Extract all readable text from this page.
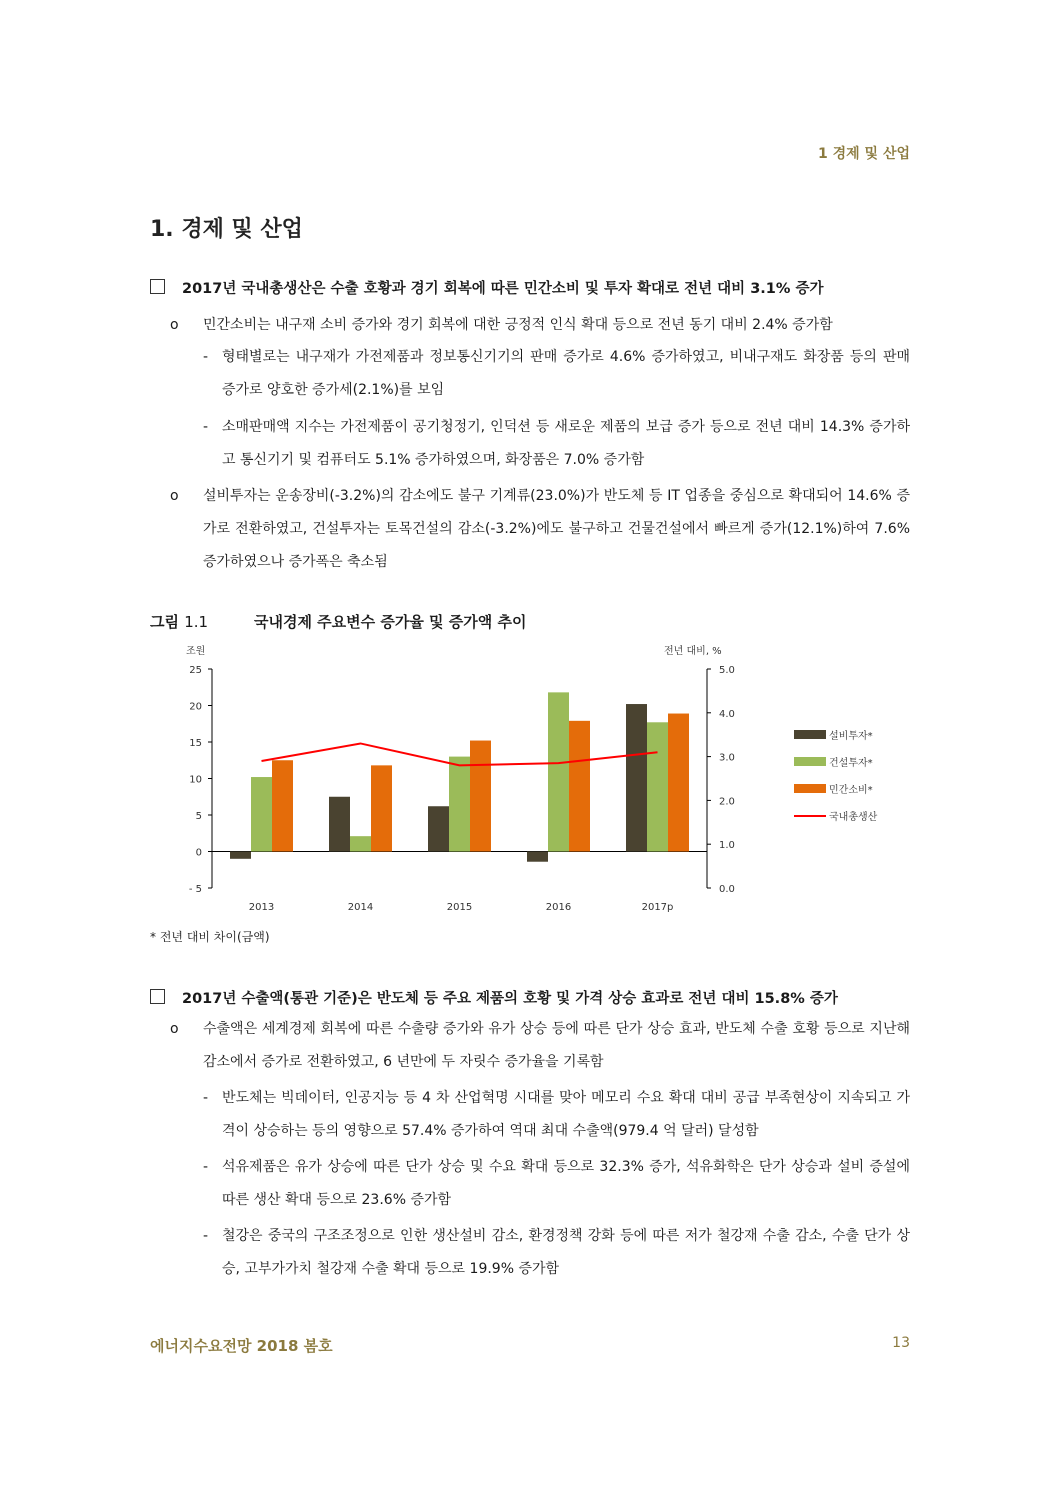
1 경제 및 산업
1. 경제 및 산업
2017년 국내총생산은 수출 호황과 경기 회복에 따른 민간소비 및 투자 확대로 전년 대비 3.1% 증가
o 민간소비는 내구재 소비 증가와 경기 회복에 대한 긍정적 인식 확대 등으로 전년 동기 대비 2.4% 증가함
- 형태별로는 내구재가 가전제품과 정보통신기기의 판매 증가로 4.6% 증가하였고, 비내구재도 화장품 등의 판매 증가로 양호한 증가세(2.1%)를 보임
- 소매판매액 지수는 가전제품이 공기청정기, 인덕션 등 새로운 제품의 보급 증가 등으로 전년 대비 14.3% 증가하고 통신기기 및 컴퓨터도 5.1% 증가하였으며, 화장품은 7.0% 증가함
o 설비투자는 운송장비(-3.2%)의 감소에도 불구 기계류(23.0%)가 반도체 등 IT 업종을 중심으로 확대되어 14.6% 증가로 전환하였고, 건설투자는 토목건설의 감소(-3.2%)에도 불구하고 건물건설에서 빠르게 증가(12.1%)하여 7.6% 증가하였으나 증가폭은 축소됨
그림 1.1	국내경제 주요변수 증가율 및 증가액 추이
조원	전년 대비, %
25
20
15
10
5
0
- 5
5.0
4.0
3.0
2.0
1.0
0.0
2013	2014	2015	2016	2017p
설비투자*
건설투자*
민간소비*
국내총생산
* 전년 대비 차이(금액)
2017년 수출액(통관 기준)은 반도체 등 주요 제품의 호황 및 가격 상승 효과로 전년 대비 15.8% 증가
o 수출액은 세계경제 회복에 따른 수출량 증가와 유가 상승 등에 따른 단가 상승 효과, 반도체 수출 호황 등으로 지난해 감소에서 증가로 전환하였고, 6 년만에 두 자릿수 증가율을 기록함
- 반도체는 빅데이터, 인공지능 등 4 차 산업혁명 시대를 맞아 메모리 수요 확대 대비 공급 부족현상이 지속되고 가격이 상승하는 등의 영향으로 57.4% 증가하여 역대 최대 수출액(979.4 억 달러) 달성함
- 석유제품은 유가 상승에 따른 단가 상승 및 수요 확대 등으로 32.3% 증가, 석유화학은 단가 상승과 설비 증설에 따른 생산 확대 등으로 23.6% 증가함
- 철강은 중국의 구조조정으로 인한 생산설비 감소, 환경정책 강화 등에 따른 저가 철강재 수출 감소, 수출 단가 상승, 고부가가치 철강재 수출 확대 등으로 19.9% 증가함
에너지수요전망 2018 봄호	13
